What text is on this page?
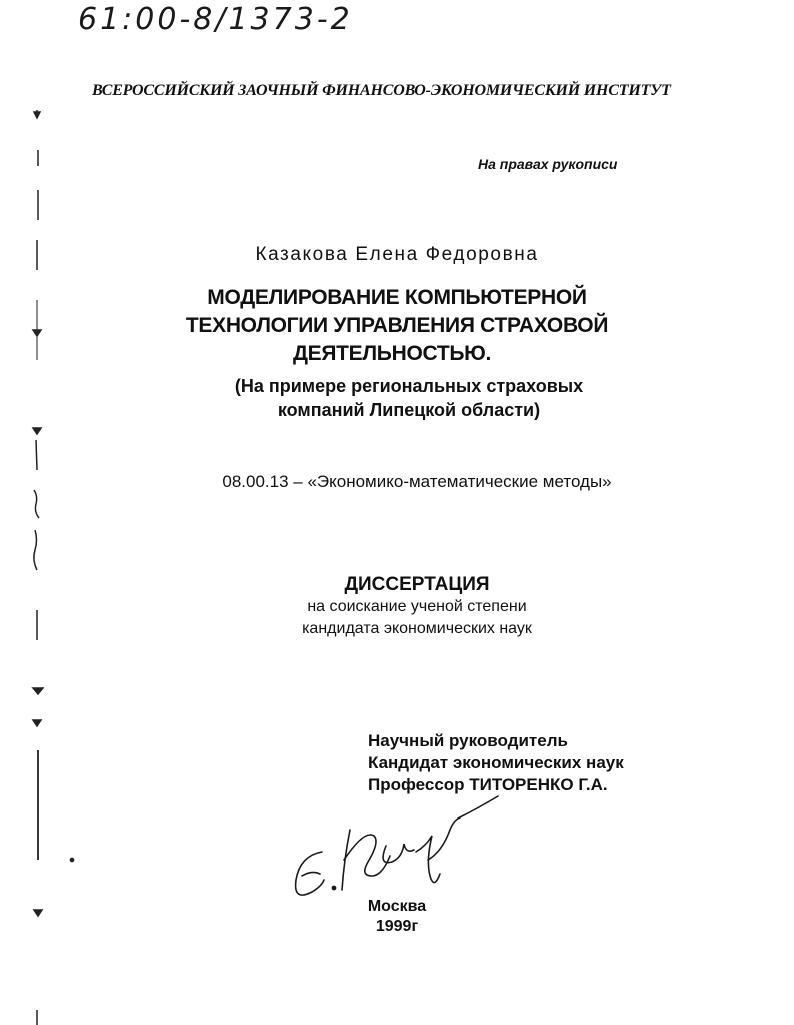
61:00-8/1373-2
ВСЕРОССИЙСКИЙ ЗАОЧНЫЙ ФИНАНСОВО-ЭКОНОМИЧЕСКИЙ ИНСТИТУТ
На правах рукописи
Казакова Елена Федоровна
МОДЕЛИРОВАНИЕ КОМПЬЮТЕРНОЙ
ТЕХНОЛОГИИ УПРАВЛЕНИЯ СТРАХОВОЙ
ДЕЯТЕЛЬНОСТЬЮ.
(На примере региональных страховых
компаний Липецкой области)
08.00.13 – «Экономико-математические методы»
ДИССЕРТАЦИЯ
на соискание ученой степени
кандидата экономических наук
Научный руководитель
Кандидат экономических наук
Профессор ТИТОРЕНКО Г.А.
Москва
1999г
